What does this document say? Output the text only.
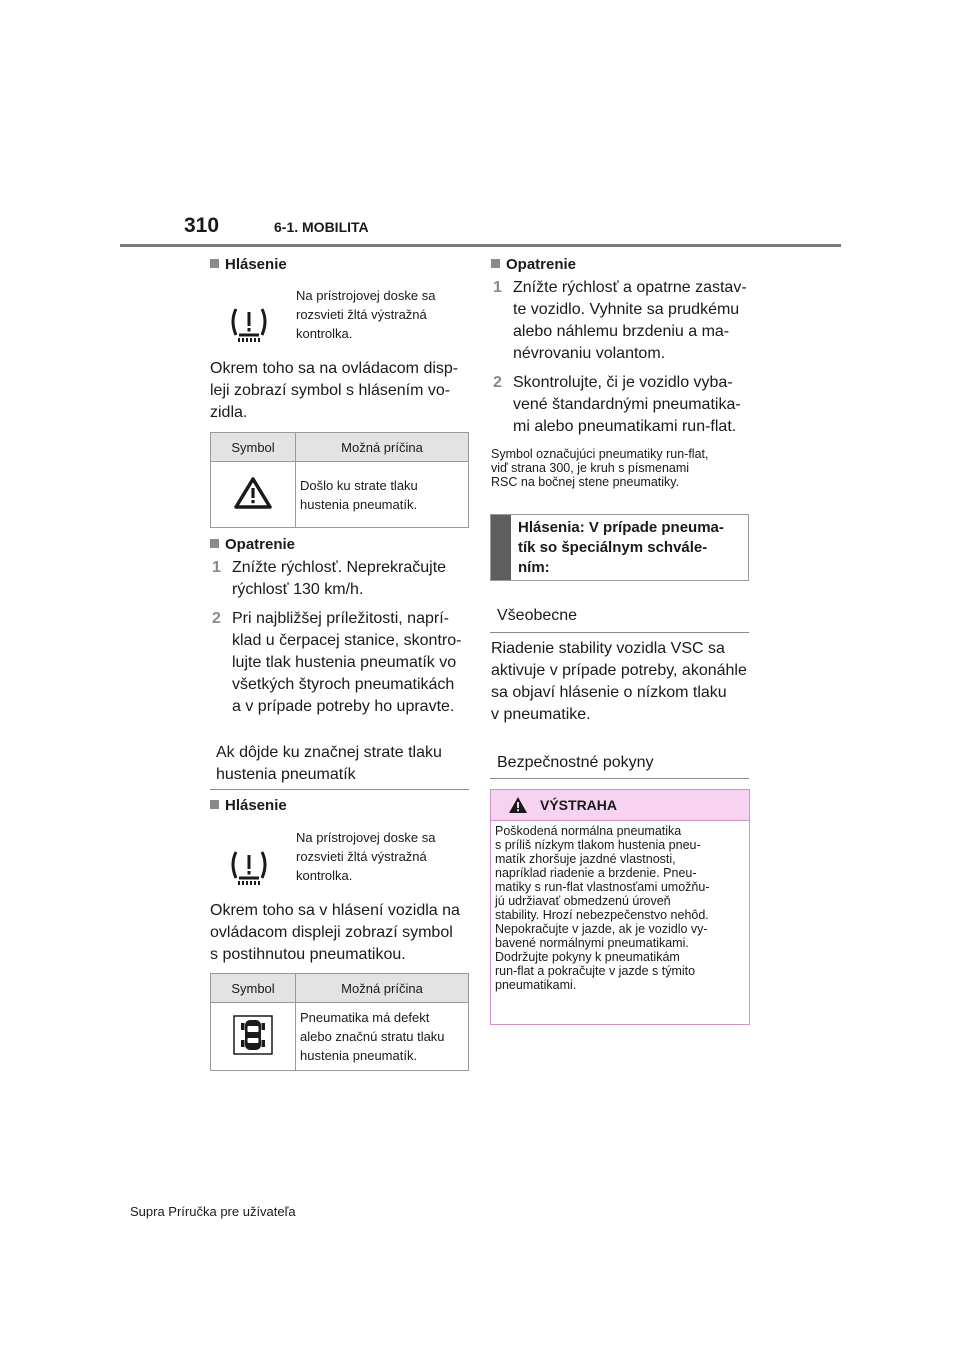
310	6-1. MOBILITA
Hlásenie
Na prístrojovej doske sa
rozsvieti žltá výstražná
kontrolka.
Okrem toho sa na ovládacom disp-
leji zobrazí symbol s hlásením vo-
zidla.
Symbol	Možná príčina

Došlo ku strate tlaku
hustenia pneumatík.
Opatrenie
1 Znížte rýchlosť. Neprekračujte
rýchlosť 130 km/h.
2 Pri najbližšej príležitosti, naprí-
klad u čerpacej stanice, skontro-
lujte tlak hustenia pneumatík vo
všetkých štyroch pneumatikách
a v prípade potreby ho upravte.
Ak dôjde ku značnej strate tlaku
hustenia pneumatík
Hlásenie
Na prístrojovej doske sa
rozsvieti žltá výstražná
kontrolka.
Okrem toho sa v hlásení vozidla na
ovládacom displeji zobrazí symbol
s postihnutou pneumatikou.
Symbol	Možná príčina

Pneumatika má defekt
alebo značnú stratu tlaku
hustenia pneumatík.
Opatrenie
1 Znížte rýchlosť a opatrne zastav-
te vozidlo. Vyhnite sa prudkému
alebo náhlemu brzdeniu a ma-
névrovaniu volantom.
2 Skontrolujte, či je vozidlo vyba-
vené štandardnými pneumatika-
mi alebo pneumatikami run-flat.
Symbol označujúci pneumatiky run-flat,
viď strana 300, je kruh s písmenami
RSC na bočnej stene pneumatiky.
Hlásenia: V prípade pneuma-
tík so špeciálnym schvále-
ním:
Všeobecne
Riadenie stability vozidla VSC sa
aktivuje v prípade potreby, akonáhle
sa objaví hlásenie o nízkom tlaku
v pneumatike.
Bezpečnostné pokyny
VÝSTRAHA
Poškodená normálna pneumatika
s príliš nízkym tlakom hustenia pneu-
matík zhoršuje jazdné vlastnosti,
napríklad riadenie a brzdenie. Pneu-
matiky s run-flat vlastnosťami umožňu-
jú udržiavať obmedzenú úroveň
stability. Hrozí nebezpečenstvo nehôd.
Nepokračujte v jazde, ak je vozidlo vy-
bavené normálnymi pneumatikami.
Dodržujte pokyny k pneumatikám
run-flat a pokračujte v jazde s týmito
pneumatikami.
Supra Príručka pre užívateľa
